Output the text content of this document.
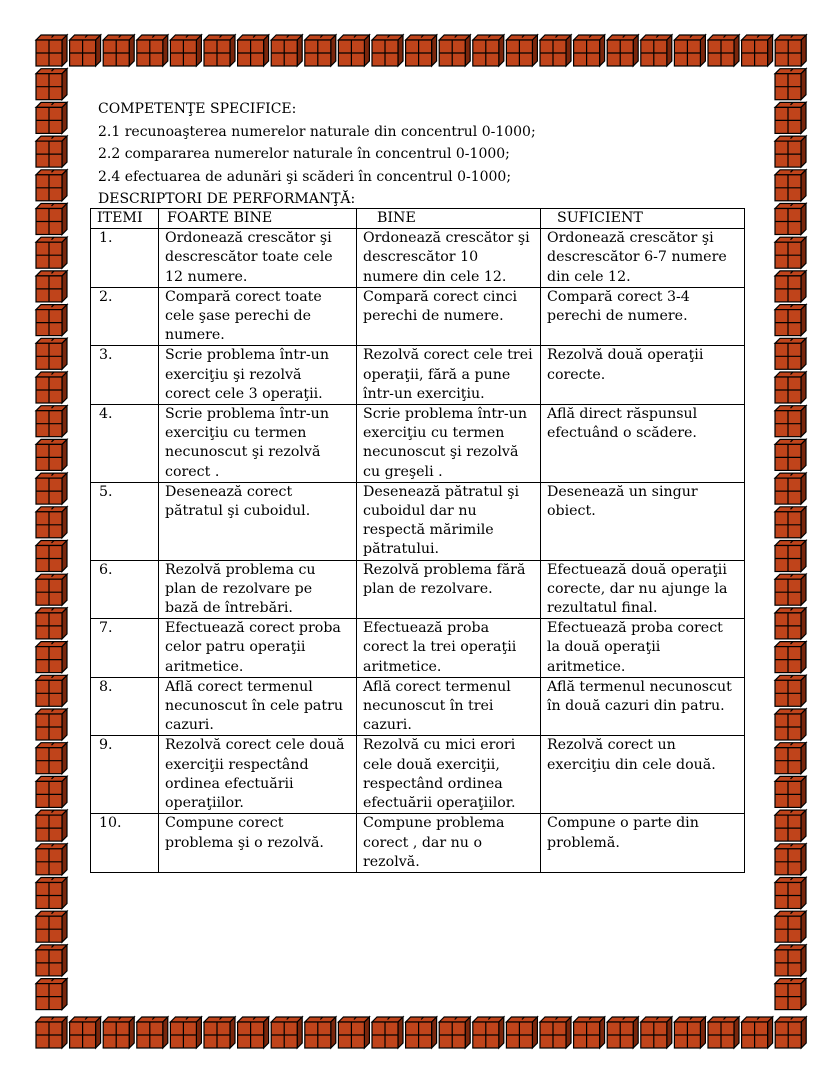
COMPETENŢE SPECIFICE:

2.1 recunoaşterea numerelor naturale din concentrul 0-1000;

2.2 compararea numerelor naturale în concentrul 0-1000;

2.4 efectuarea de adunări şi scăderi în concentrul 0-1000;

DESCRIPTORI DE PERFORMANŢĂ:

ITEMI	FOARTE BINE	BINE	SUFICIENT
1.	Ordonează crescător şi descrescător toate cele 12 numere.	Ordonează crescător şi descrescător 10 numere din cele 12.	Ordonează crescător şi descrescător 6-7 numere din cele 12.
2.	Compară corect toate cele şase perechi de numere.	Compară corect cinci perechi de numere.	Compară corect 3-4 perechi de numere.
3.	Scrie problema într-un exerciţiu şi rezolvă corect cele 3 operaţii.	Rezolvă corect cele trei operaţii, fără a pune într-un exerciţiu.	Rezolvă două operaţii corecte.
4.	Scrie problema într-un exerciţiu cu termen necunoscut şi rezolvă corect .	Scrie problema într-un exerciţiu cu termen necunoscut şi rezolvă cu greşeli .	Află direct răspunsul efectuând o scădere.
5.	Desenează corect pătratul şi cuboidul.	Desenează pătratul şi cuboidul dar nu respectă mărimile pătratului.	Desenează un singur obiect.
6.	Rezolvă problema cu plan de rezolvare pe bază de întrebări.	Rezolvă problema fără plan de rezolvare.	Efectuează două operaţii corecte, dar nu ajunge la rezultatul final.
7.	Efectuează corect proba celor patru operaţii aritmetice.	Efectuează proba corect la trei operaţii aritmetice.	Efectuează proba corect la două operaţii aritmetice.
8.	Află corect termenul necunoscut în cele patru cazuri.	Află corect termenul necunoscut în trei cazuri.	Află termenul necunoscut în două cazuri din patru.
9.	Rezolvă corect cele două exerciţii respectând ordinea efectuării operaţiilor.	Rezolvă cu mici erori cele două exerciţii, respectând ordinea efectuării operaţiilor.	Rezolvă corect un exerciţiu din cele două.
10.	Compune corect problema şi o rezolvă.	Compune problema corect , dar nu o rezolvă.	Compune o parte din problemă.
